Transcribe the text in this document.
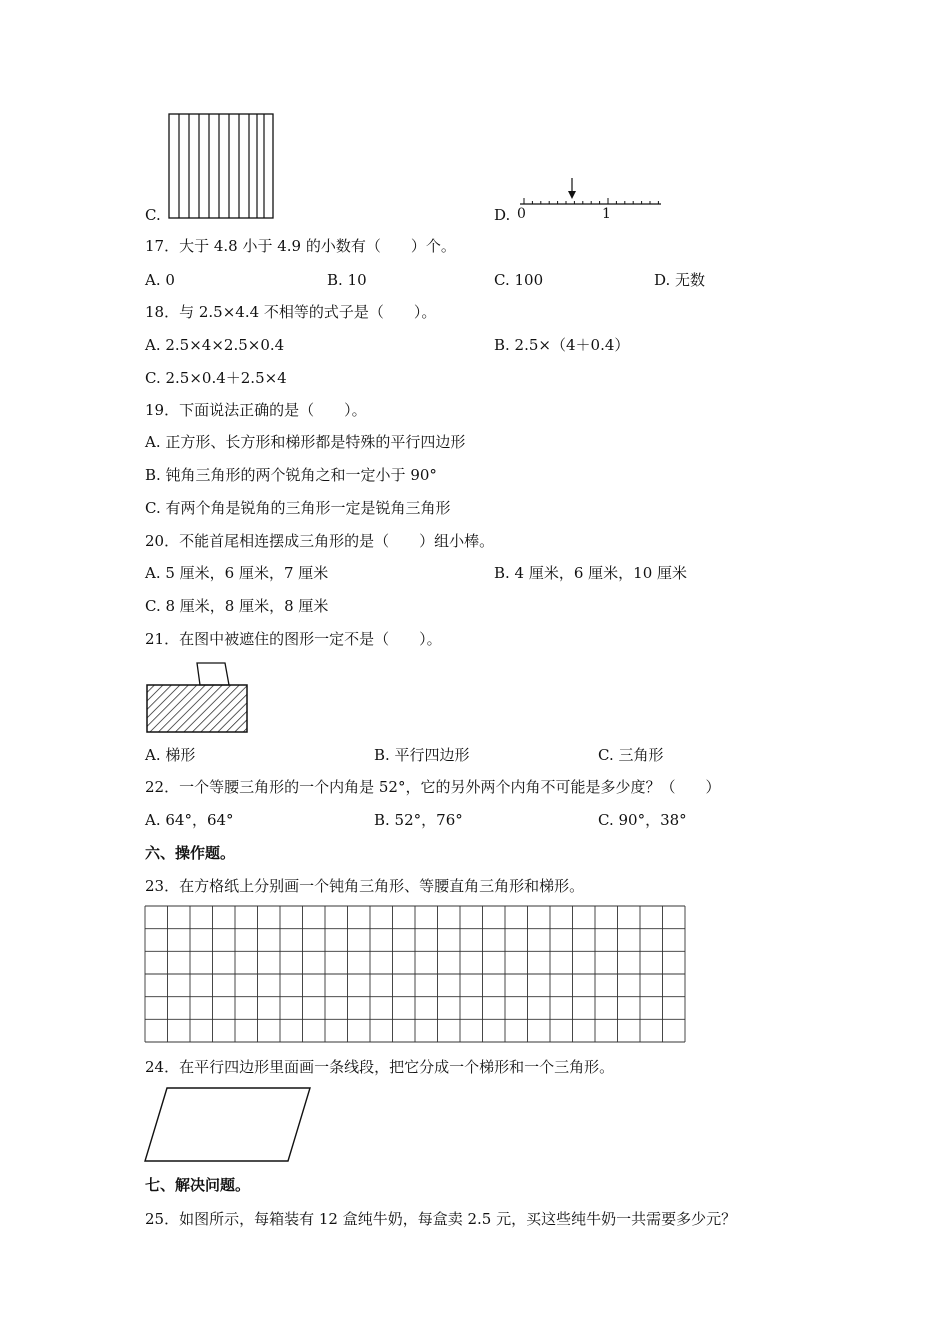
C.	D. 0	1
17．大于 4.8 小于 4.9 的小数有（　　）个。
A. 0	B. 10	C. 100	D. 无数
18．与 2.5×4.4 不相等的式子是（　　）。
A. 2.5×4×2.5×0.4	B. 2.5×（4＋0.4）
C. 2.5×0.4＋2.5×4
19．下面说法正确的是（　　）。
A. 正方形、长方形和梯形都是特殊的平行四边形
B. 钝角三角形的两个锐角之和一定小于 90°
C. 有两个角是锐角的三角形一定是锐角三角形
20．不能首尾相连摆成三角形的是（　　）组小棒。
A. 5 厘米，6 厘米，7 厘米	B. 4 厘米，6 厘米，10 厘米
C. 8 厘米，8 厘米，8 厘米
21．在图中被遮住的图形一定不是（　　）。
A. 梯形	B. 平行四边形	C. 三角形
22．一个等腰三角形的一个内角是 52°，它的另外两个内角不可能是多少度？（　　）
A. 64°，64°	B. 52°，76°	C. 90°，38°
六、操作题。
23．在方格纸上分别画一个钝角三角形、等腰直角三角形和梯形。
24．在平行四边形里面画一条线段，把它分成一个梯形和一个三角形。
七、解决问题。
25．如图所示，每箱装有 12 盒纯牛奶，每盒卖 2.5 元，买这些纯牛奶一共需要多少元？
